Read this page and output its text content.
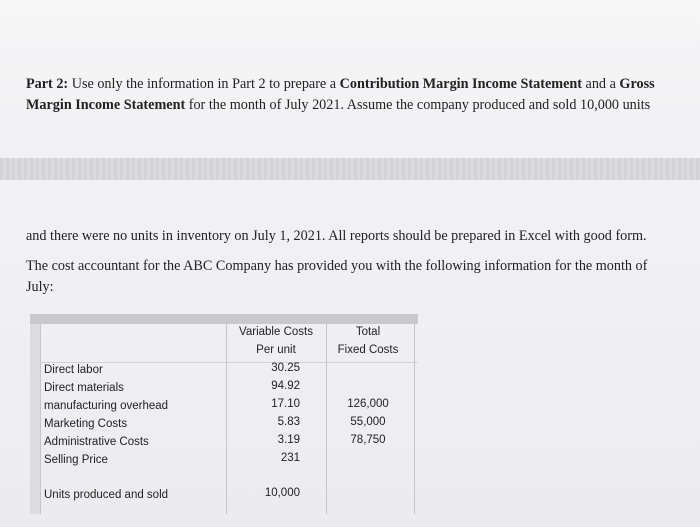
Part 2: Use only the information in Part 2 to prepare a Contribution Margin Income Statement and a Gross Margin Income Statement for the month of July 2021. Assume the company produced and sold 10,000 units
and there were no units in inventory on July 1, 2021. All reports should be prepared in Excel with good form.
The cost accountant for the ABC Company has provided you with the following information for the month of July:
Variable Costs
Per unit
Total
Fixed Costs
Direct labor	30.25
Direct materials	94.92
manufacturing overhead	17.10	126,000
Marketing Costs	5.83	55,000
Administrative Costs	3.19	78,750
Selling Price	231
Units produced and sold	10,000
